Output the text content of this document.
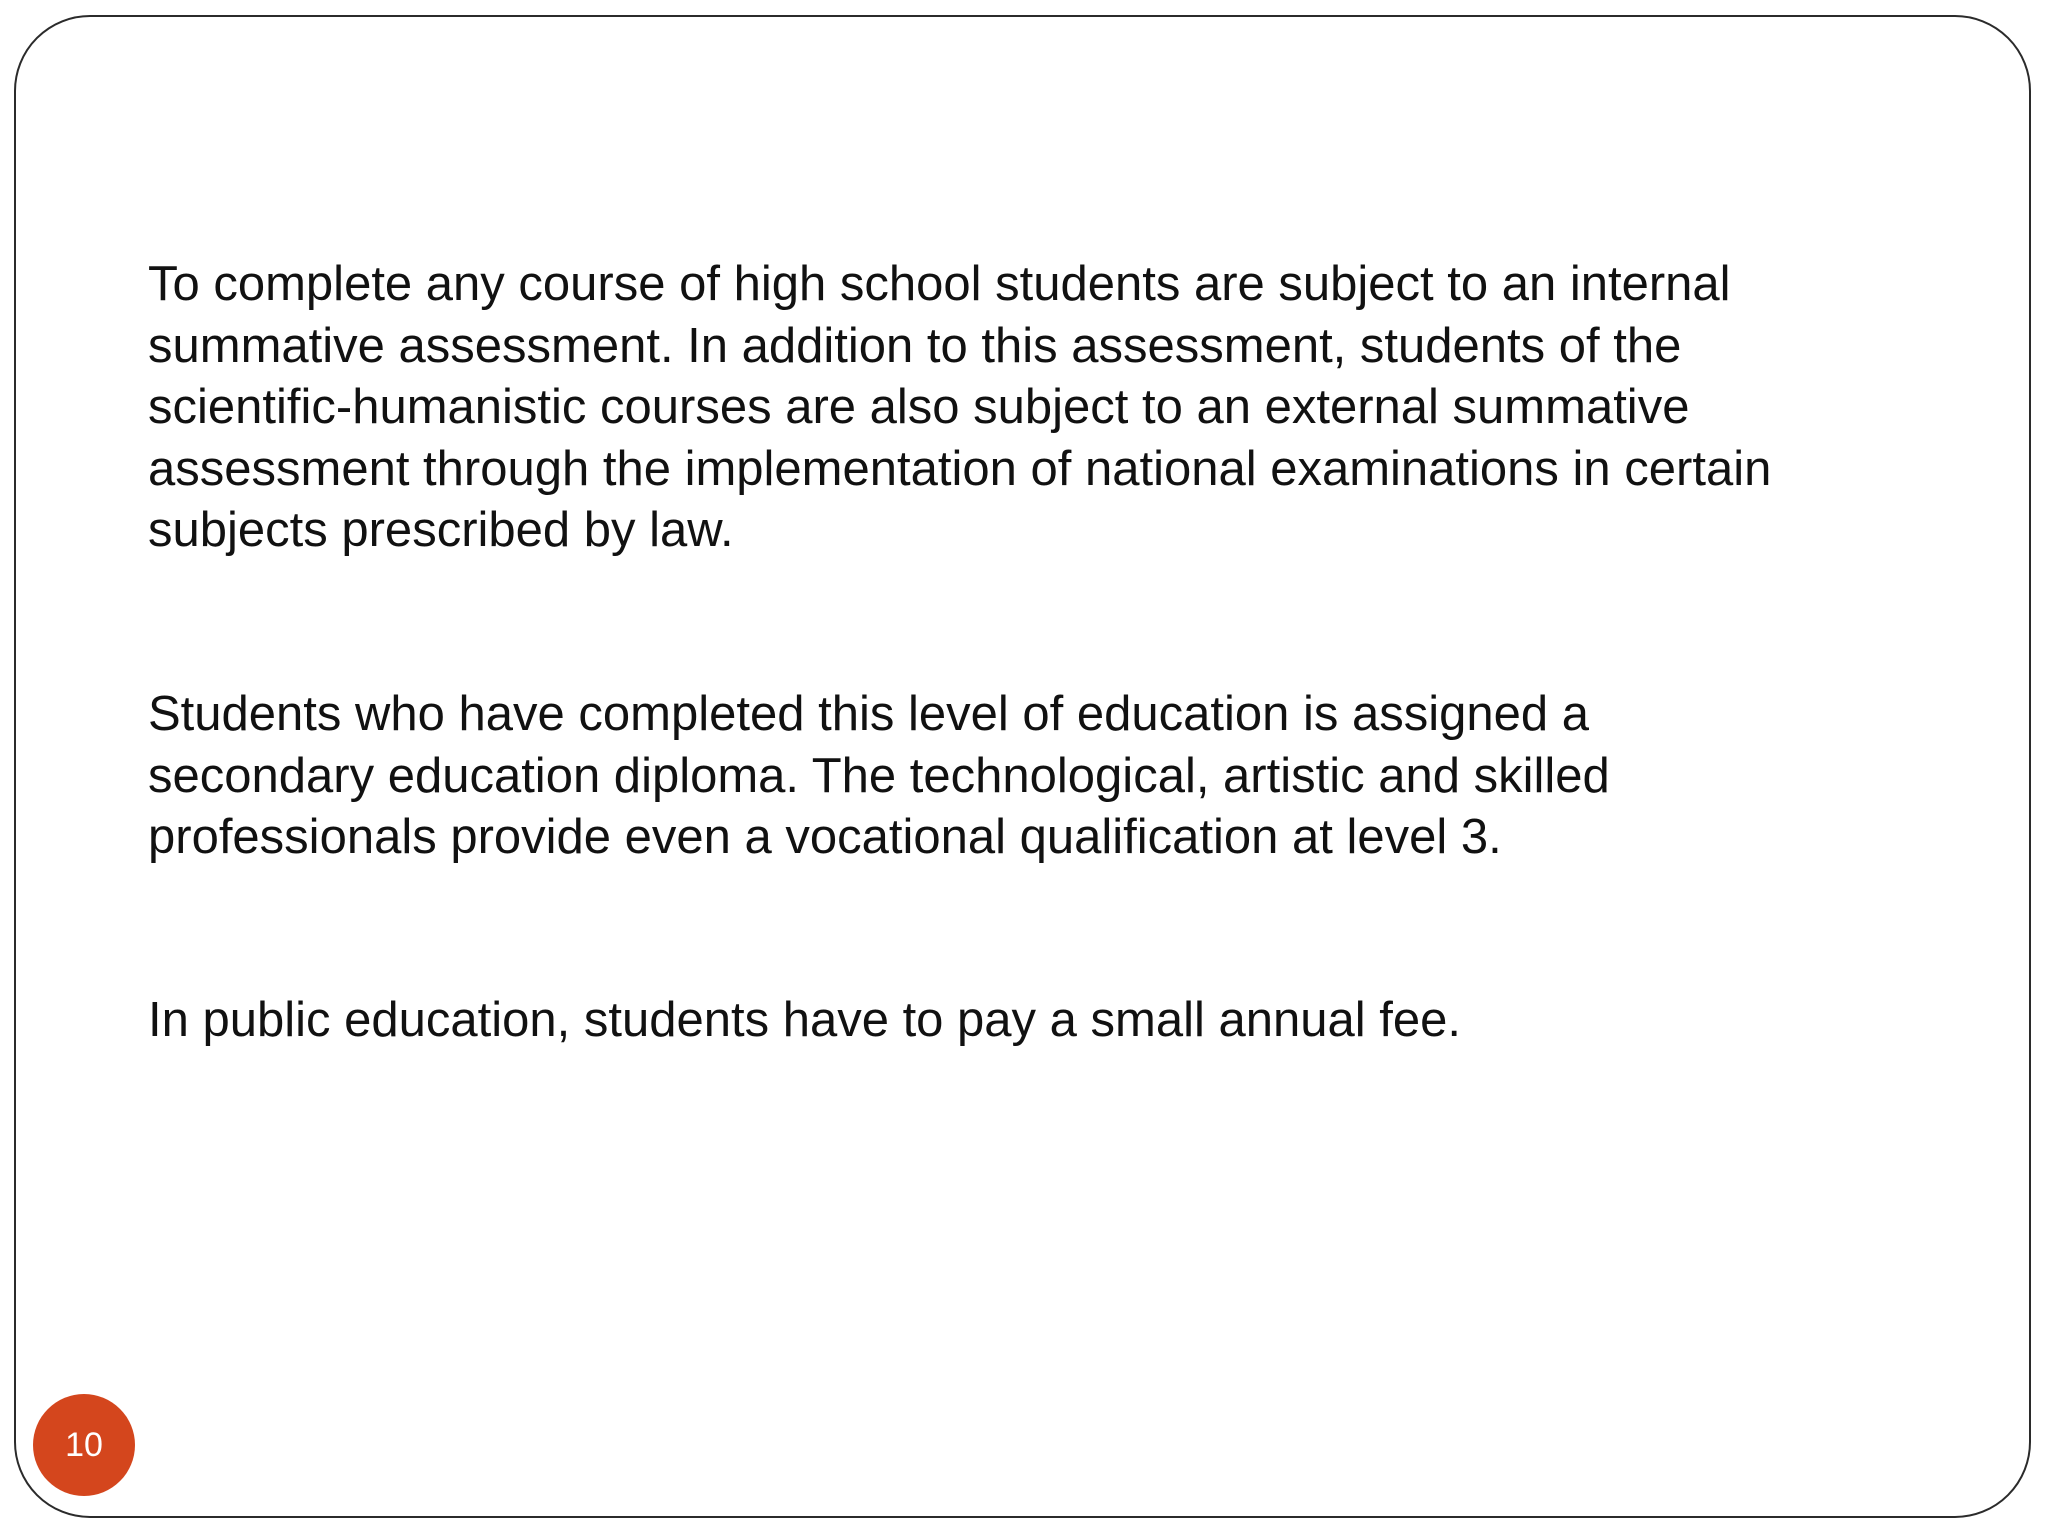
To complete any course of high school students are subject to an internal
summative assessment. In addition to this assessment, students of the
scientific-humanistic courses are also subject to an external summative
assessment through the implementation of national examinations in certain
subjects prescribed by law.

Students who have completed this level of education is assigned a
secondary education diploma. The technological, artistic and skilled
professionals provide even a vocational qualification at level 3.

In public education, students have to pay a small annual fee.

10
